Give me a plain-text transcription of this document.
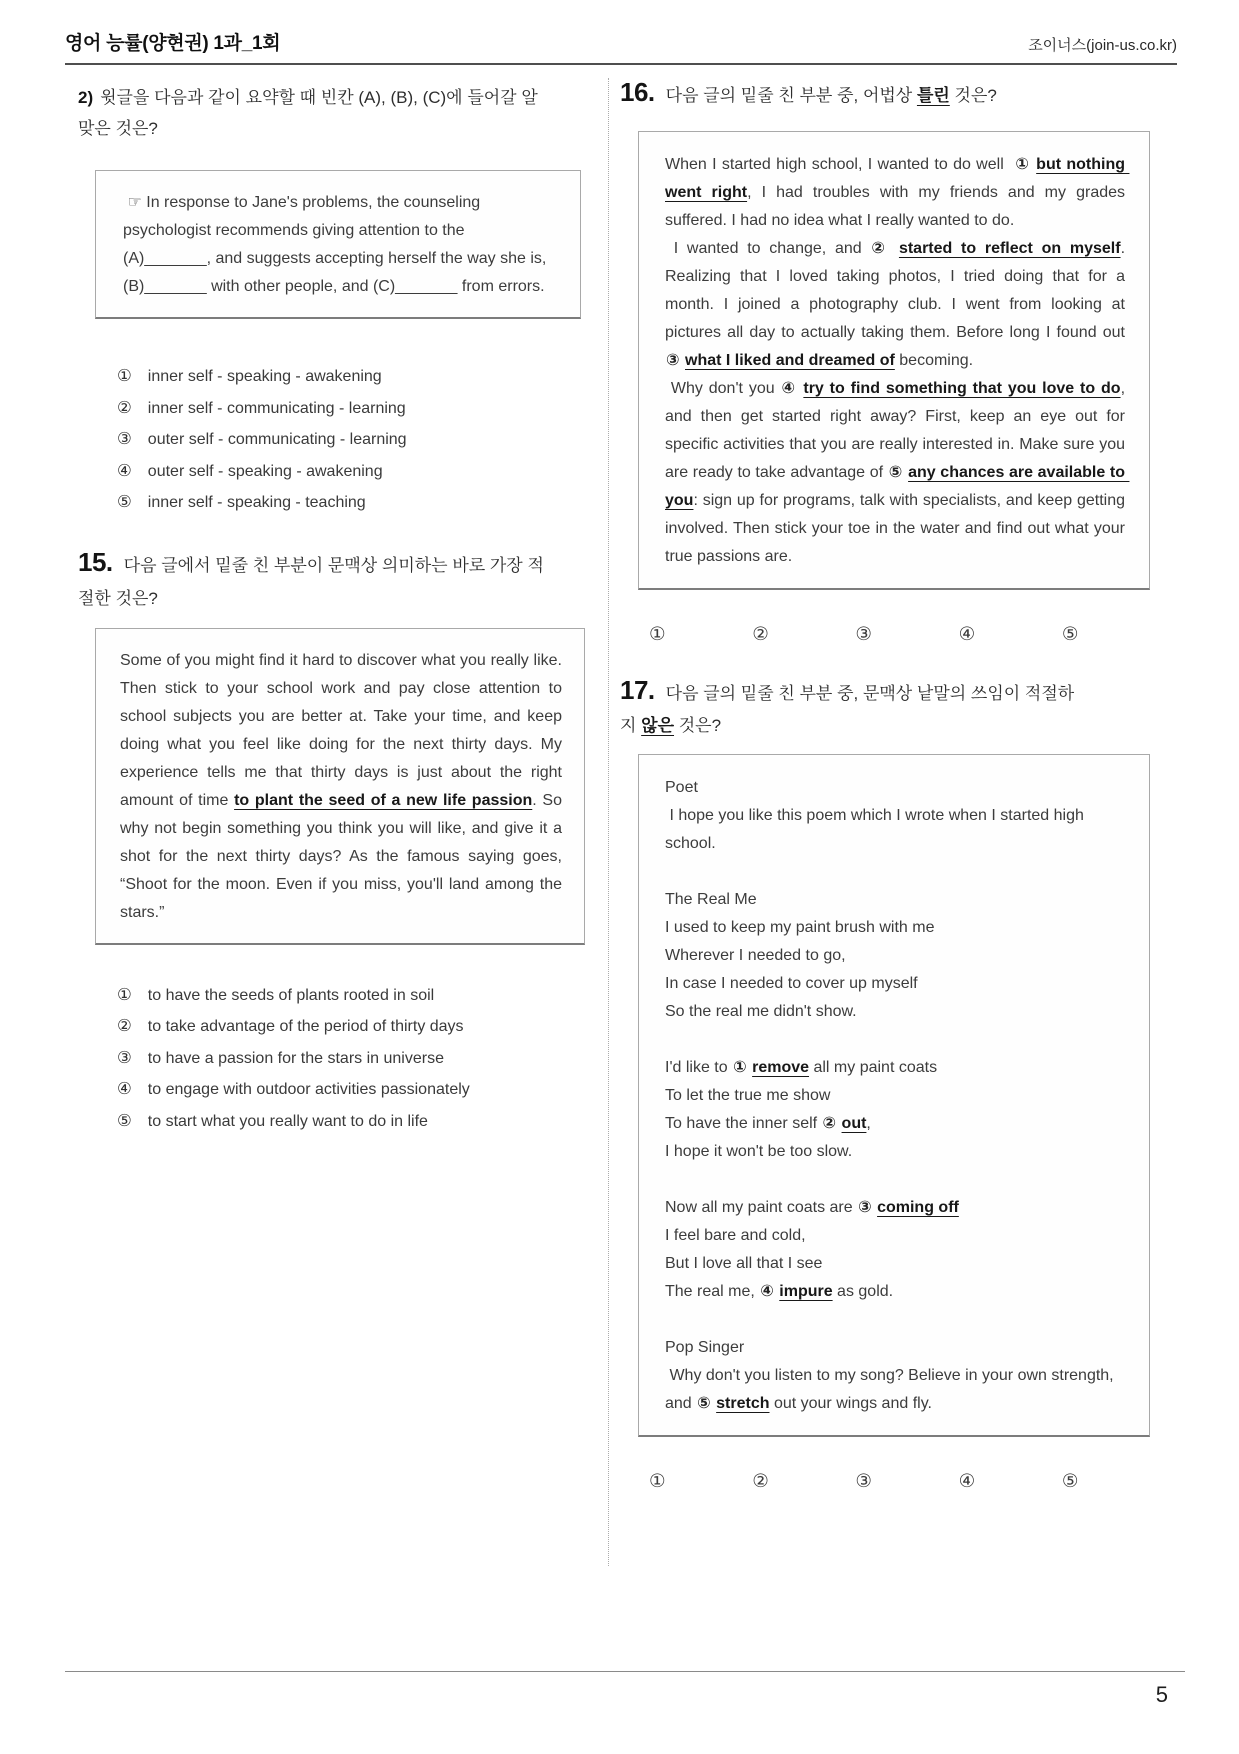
영어 능률(양현권) 1과_1회	조이너스(join-us.co.kr)
2) 윗글을 다음과 같이 요약할 때 빈칸 (A), (B), (C)에 들어갈 알맞은 것은?
☞ In response to Jane's problems, the counseling psychologist recommends giving attention to the (A)_______, and suggests accepting herself the way she is, (B)_______ with other people, and (C)_______ from errors.
① inner self - speaking - awakening
② inner self - communicating - learning
③ outer self - communicating - learning
④ outer self - speaking - awakening
⑤ inner self - speaking - teaching
15. 다음 글에서 밑줄 친 부분이 문맥상 의미하는 바로 가장 적절한 것은?
Some of you might find it hard to discover what you really like. Then stick to your school work and pay close attention to school subjects you are better at. Take your time, and keep doing what you feel like doing for the next thirty days. My experience tells me that thirty days is just about the right amount of time to plant the seed of a new life passion. So why not begin something you think you will like, and give it a shot for the next thirty days? As the famous saying goes, “Shoot for the moon. Even if you miss, you'll land among the stars.”
① to have the seeds of plants rooted in soil
② to take advantage of the period of thirty days
③ to have a passion for the stars in universe
④ to engage with outdoor activities passionately
⑤ to start what you really want to do in life
16. 다음 글의 밑줄 친 부분 중, 어법상 틀린 것은?
When I started high school, I wanted to do well  ① but nothing went right, I had troubles with my friends and my grades suffered. I had no idea what I really wanted to do.
I wanted to change, and ② started to reflect on myself. Realizing that I loved taking photos, I tried doing that for a month. I joined a photography club. I went from looking at pictures all day to actually taking them. Before long I found out ③ what I liked and dreamed of becoming.
Why don't you ④ try to find something that you love to do, and then get started right away? First, keep an eye out for specific activities that you are really interested in. Make sure you are ready to take advantage of ⑤ any chances are available to you: sign up for programs, talk with specialists, and keep getting involved. Then stick your toe in the water and find out what your true passions are.
①	②	③	④	⑤
17. 다음 글의 밑줄 친 부분 중, 문맥상 낱말의 쓰임이 적절하지 않은 것은?
Poet
I hope you like this poem which I wrote when I started high school.
The Real Me
I used to keep my paint brush with me
Wherever I needed to go,
In case I needed to cover up myself
So the real me didn't show.
I'd like to ① remove all my paint coats
To let the true me show
To have the inner self ② out,
I hope it won't be too slow.
Now all my paint coats are ③ coming off
I feel bare and cold,
But I love all that I see
The real me, ④ impure as gold.
Pop Singer
Why don't you listen to my song? Believe in your own strength, and ⑤ stretch out your wings and fly.
①	②	③	④	⑤
5
